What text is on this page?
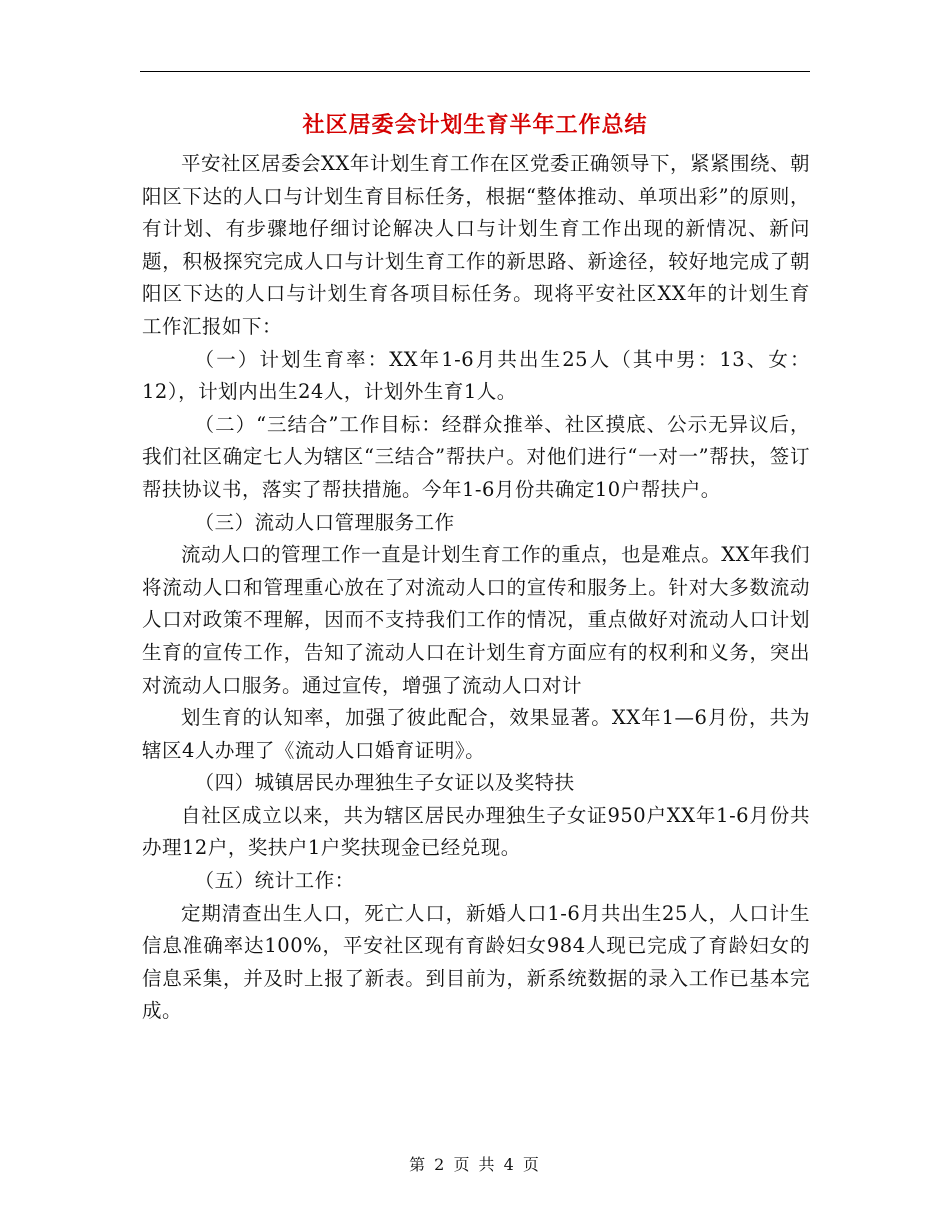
社区居委会计划生育半年工作总结

平安社区居委会XX年计划生育工作在区党委正确领导下，紧紧围绕、朝阳区下达的人口与计划生育目标任务，根据“整体推动、单项出彩”的原则，有计划、有步骤地仔细讨论解决人口与计划生育工作出现的新情况、新问题，积极探究完成人口与计划生育工作的新思路、新途径，较好地完成了朝阳区下达的人口与计划生育各项目标任务。现将平安社区XX年的计划生育工作汇报如下：

（一）计划生育率：XX年1-6月共出生25人（其中男：13、女：12），计划内出生24人，计划外生育1人。

（二）“三结合”工作目标：经群众推举、社区摸底、公示无异议后，我们社区确定七人为辖区“三结合”帮扶户。对他们进行“一对一”帮扶，签订帮扶协议书，落实了帮扶措施。今年1-6月份共确定10户帮扶户。

（三）流动人口管理服务工作

流动人口的管理工作一直是计划生育工作的重点，也是难点。XX年我们将流动人口和管理重心放在了对流动人口的宣传和服务上。针对大多数流动人口对政策不理解，因而不支持我们工作的情况，重点做好对流动人口计划生育的宣传工作，告知了流动人口在计划生育方面应有的权利和义务，突出对流动人口服务。通过宣传，增强了流动人口对计

划生育的认知率，加强了彼此配合，效果显著。XX年1—6月份，共为辖区4人办理了《流动人口婚育证明》。

（四）城镇居民办理独生子女证以及奖特扶

自社区成立以来，共为辖区居民办理独生子女证950户XX年1-6月份共办理12户，奖扶户1户奖扶现金已经兑现。

（五）统计工作：

定期清查出生人口，死亡人口，新婚人口1-6月共出生25人，人口计生信息准确率达100%，平安社区现有育龄妇女984人现已完成了育龄妇女的信息采集，并及时上报了新表。到目前为，新系统数据的录入工作已基本完成。

第 2 页 共 4 页
